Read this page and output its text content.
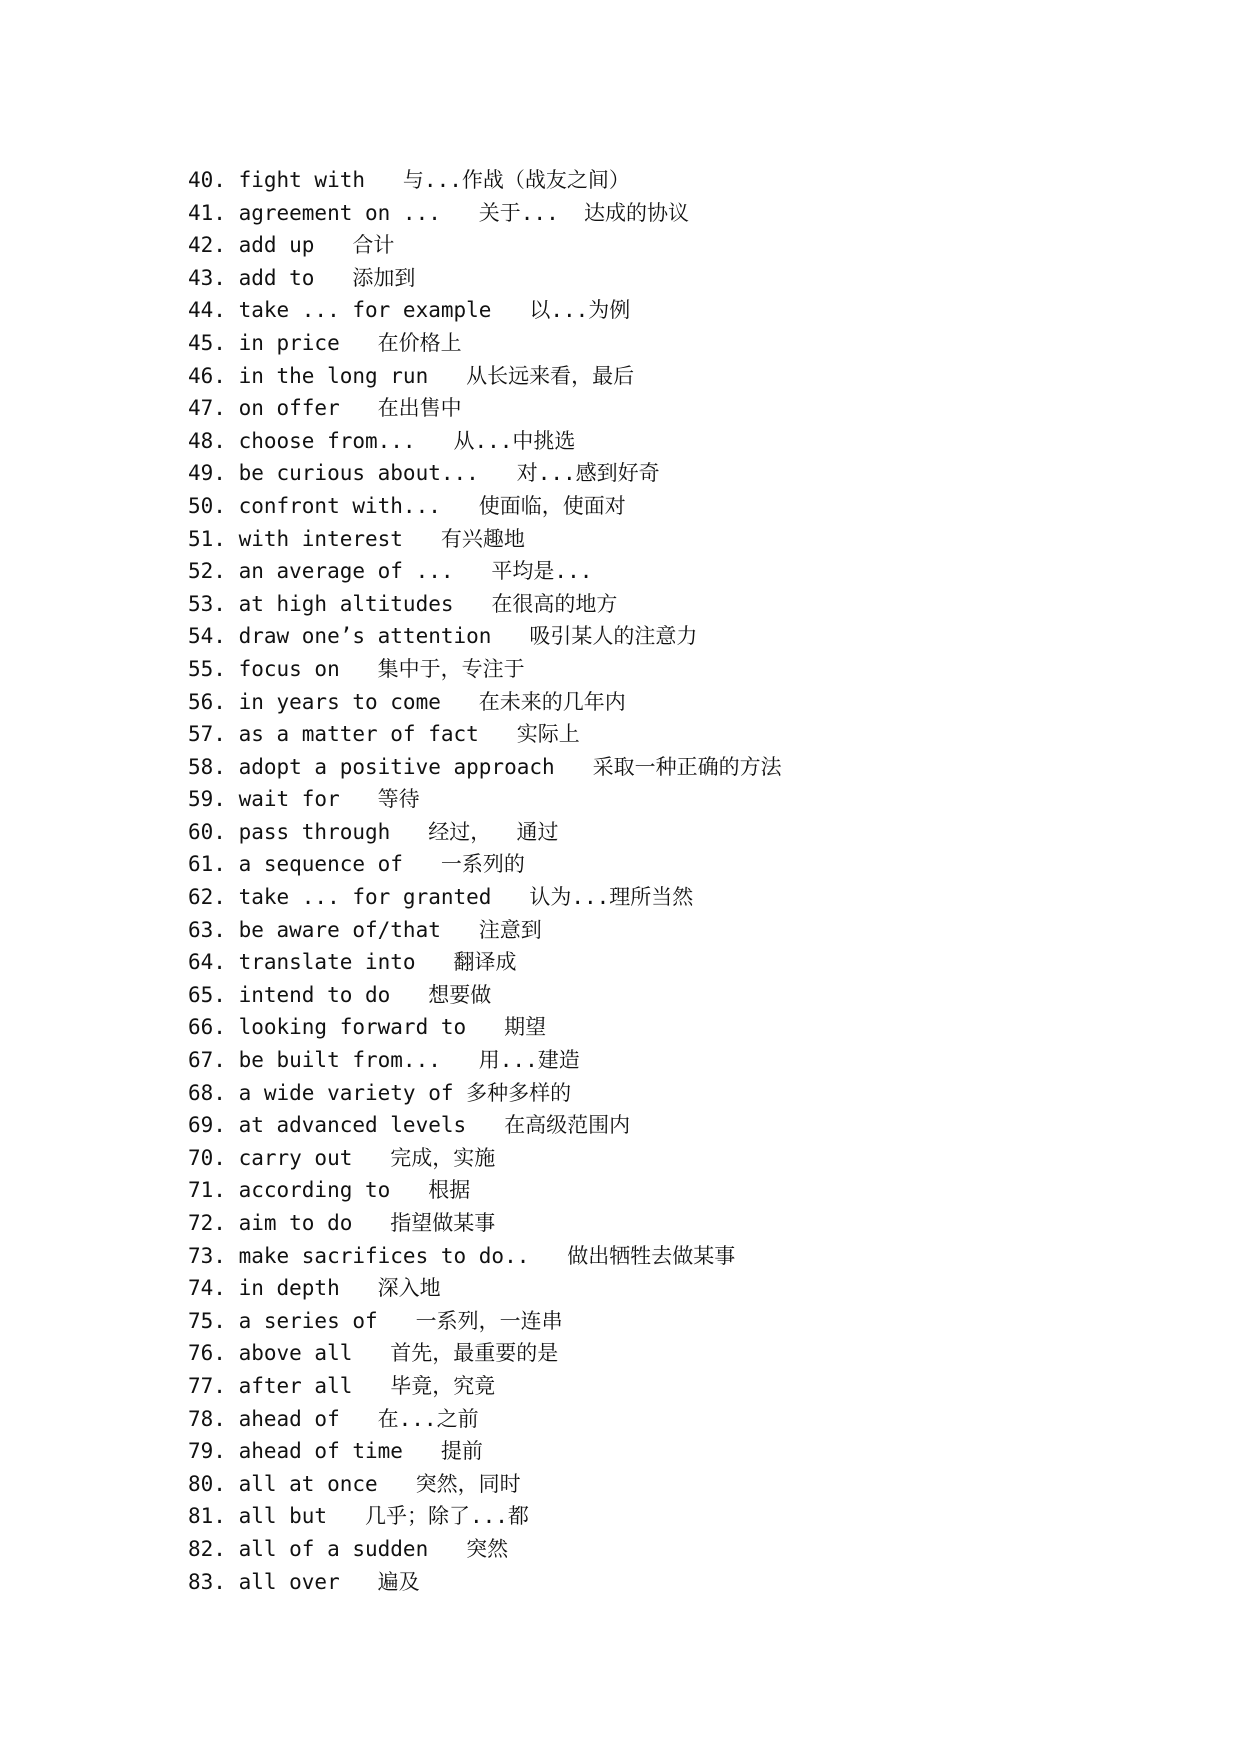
40. fight with   与...作战（战友之间）
41. agreement on ...   关于...  达成的协议
42. add up   合计
43. add to   添加到
44. take ... for example   以...为例
45. in price   在价格上
46. in the long run   从长远来看，最后
47. on offer   在出售中
48. choose from...   从...中挑选
49. be curious about...   对...感到好奇
50. confront with...   使面临，使面对
51. with interest   有兴趣地
52. an average of ...   平均是...
53. at high altitudes   在很高的地方
54. draw one’s attention   吸引某人的注意力
55. focus on   集中于，专注于
56. in years to come   在未来的几年内
57. as a matter of fact   实际上
58. adopt a positive approach   采取一种正确的方法
59. wait for   等待
60. pass through   经过，  通过
61. a sequence of   一系列的
62. take ... for granted   认为...理所当然
63. be aware of/that   注意到
64. translate into   翻译成
65. intend to do   想要做
66. looking forward to   期望
67. be built from...   用...建造
68. a wide variety of 多种多样的
69. at advanced levels   在高级范围内
70. carry out   完成，实施
71. according to   根据
72. aim to do   指望做某事
73. make sacrifices to do..   做出牺牲去做某事
74. in depth   深入地
75. a series of   一系列，一连串
76. above all   首先，最重要的是
77. after all   毕竟，究竟
78. ahead of   在...之前
79. ahead of time   提前
80. all at once   突然，同时
81. all but   几乎；除了...都
82. all of a sudden   突然
83. all over   遍及
